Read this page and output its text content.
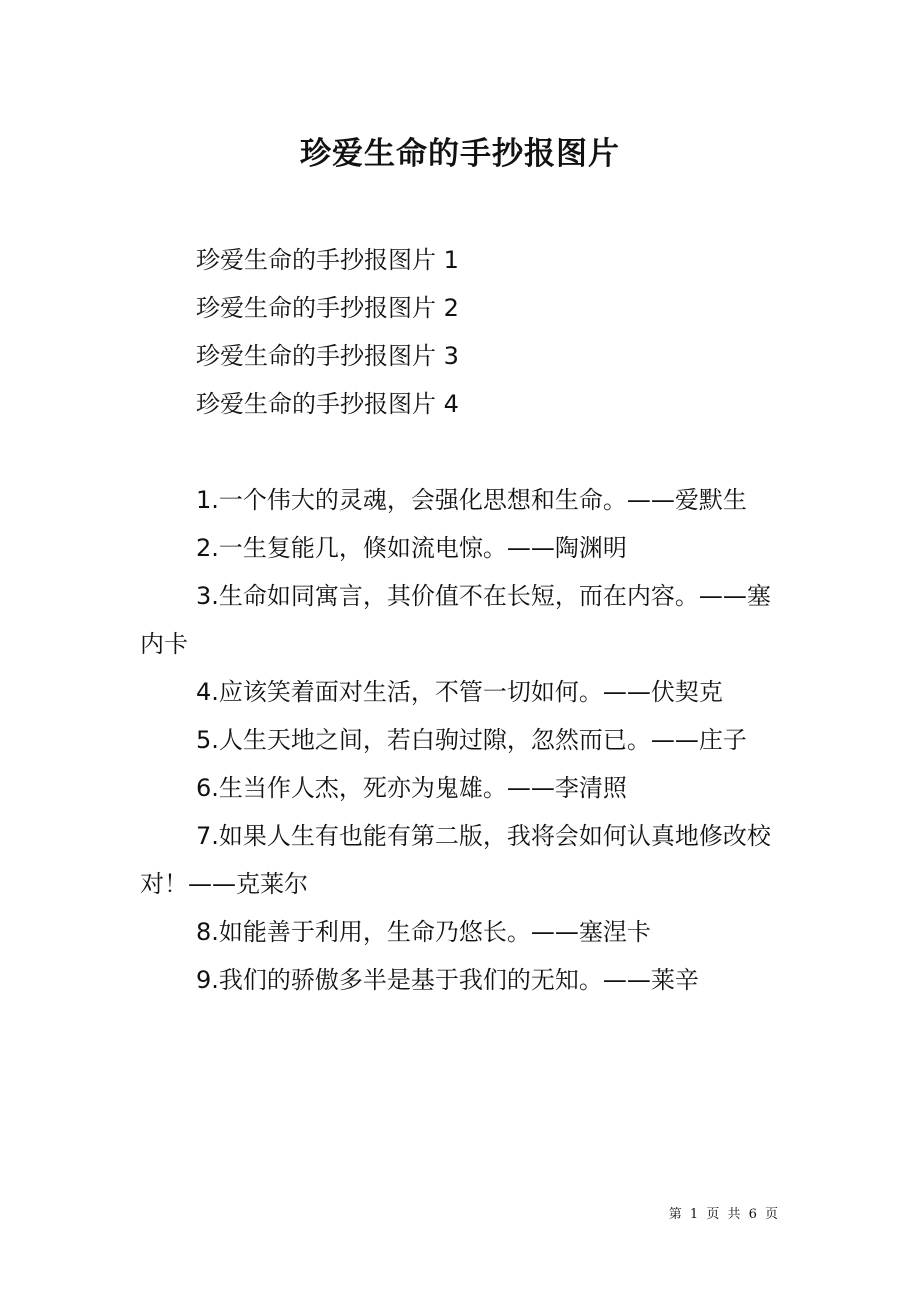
珍爱生命的手抄报图片
珍爱生命的手抄报图片 1
珍爱生命的手抄报图片 2
珍爱生命的手抄报图片 3
珍爱生命的手抄报图片 4

1.一个伟大的灵魂，会强化思想和生命。——爱默生

2.一生复能几，倏如流电惊。——陶渊明

3.生命如同寓言，其价值不在长短，而在内容。——塞内卡

4.应该笑着面对生活，不管一切如何。——伏契克

5.人生天地之间，若白驹过隙，忽然而已。——庄子

6.生当作人杰，死亦为鬼雄。——李清照

7.如果人生有也能有第二版，我将会如何认真地修改校对！——克莱尔

8.如能善于利用，生命乃悠长。——塞涅卡

9.我们的骄傲多半是基于我们的无知。——莱辛

第 1 页 共 6 页
